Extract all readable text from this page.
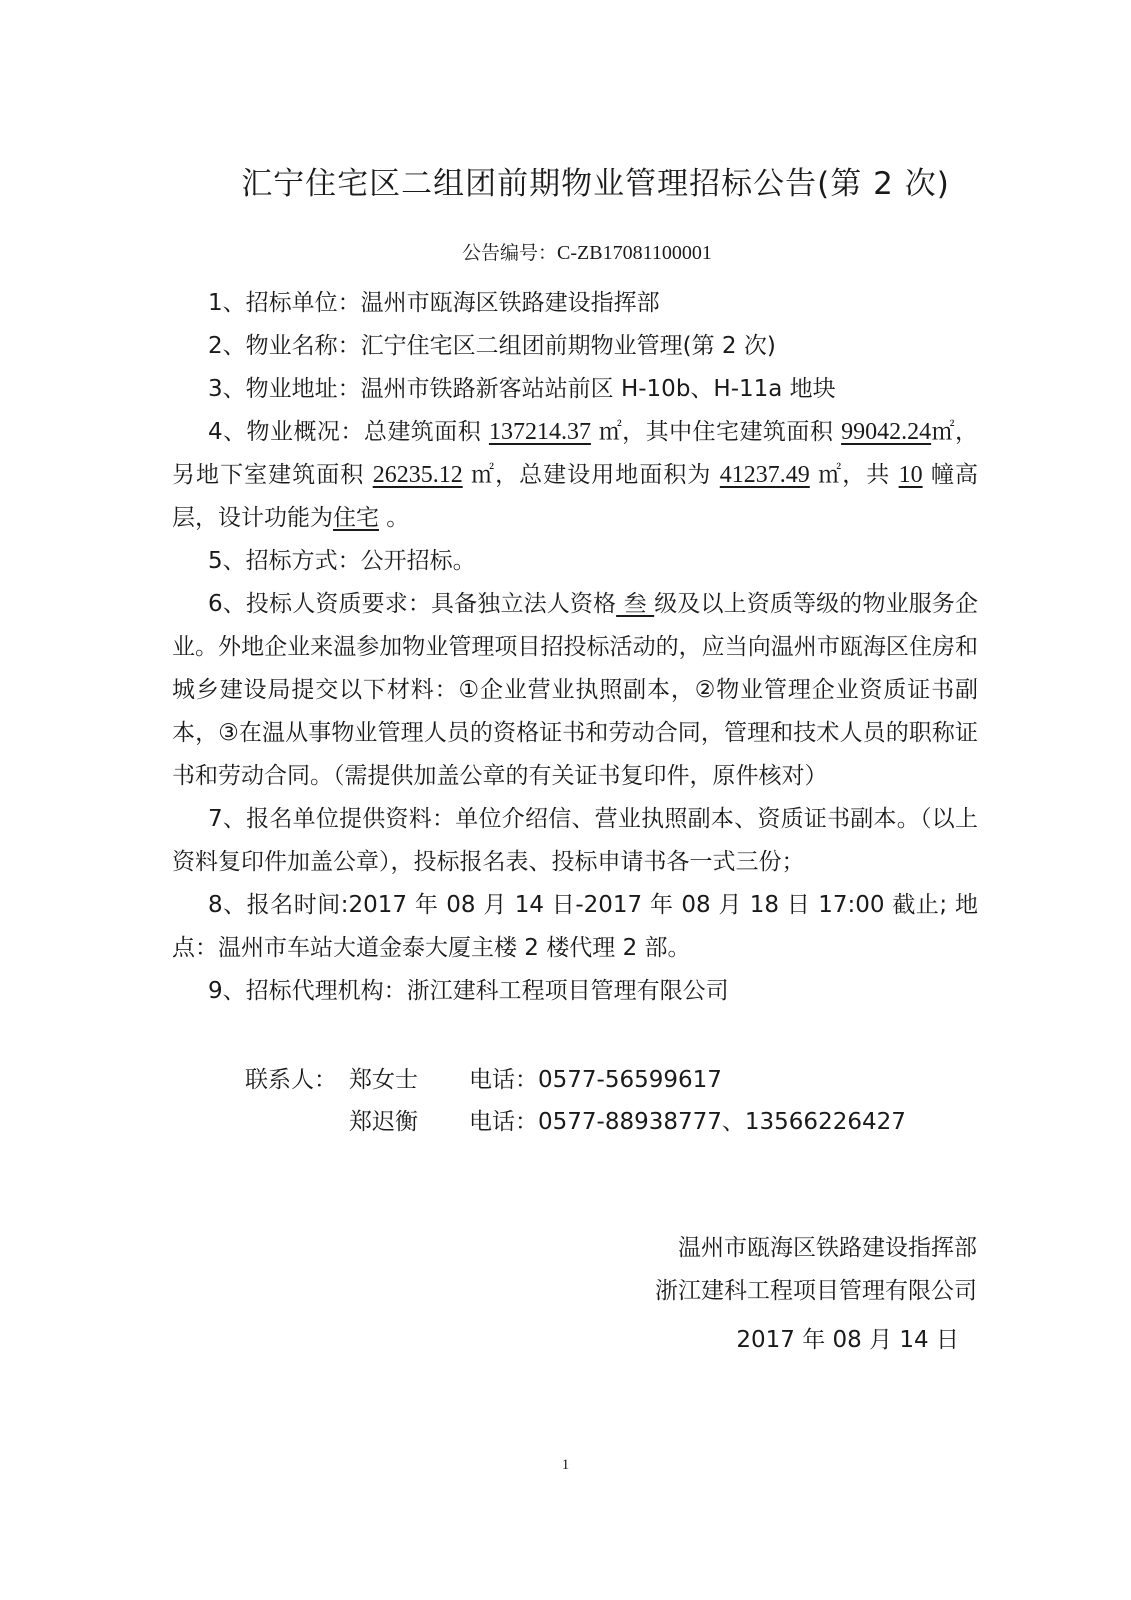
汇宁住宅区二组团前期物业管理招标公告(第 2 次)
公告编号：C-ZB17081100001

1、招标单位：温州市瓯海区铁路建设指挥部

2、物业名称：汇宁住宅区二组团前期物业管理(第 2 次)

3、物业地址：温州市铁路新客站站前区 H-10b、H-11a 地块

4、物业概况：总建筑面积 137214.37 ㎡，其中住宅建筑面积 99042.24㎡，另地下室建筑面积 26235.12 ㎡，总建设用地面积为 41237.49 ㎡，共 10 幢高层，设计功能为住宅 。

5、招标方式：公开招标。

6、投标人资质要求：具备独立法人资格 叁 级及以上资质等级的物业服务企业。外地企业来温参加物业管理项目招投标活动的，应当向温州市瓯海区住房和城乡建设局提交以下材料：①企业营业执照副本，②物业管理企业资质证书副本，③在温从事物业管理人员的资格证书和劳动合同，管理和技术人员的职称证书和劳动合同。（需提供加盖公章的有关证书复印件，原件核对）

7、报名单位提供资料：单位介绍信、营业执照副本、资质证书副本。（以上资料复印件加盖公章），投标报名表、投标申请书各一式三份；

8、报名时间:2017 年 08 月 14 日-2017 年 08 月 18 日 17:00 截止; 地点：温州市车站大道金泰大厦主楼 2 楼代理 2 部。

9、招标代理机构：浙江建科工程项目管理有限公司

联系人： 郑女士 电话：0577-56599617
郑迟衡 电话：0577-88938777、13566226427
温州市瓯海区铁路建设指挥部
浙江建科工程项目管理有限公司
2017 年 08 月 14 日
1
